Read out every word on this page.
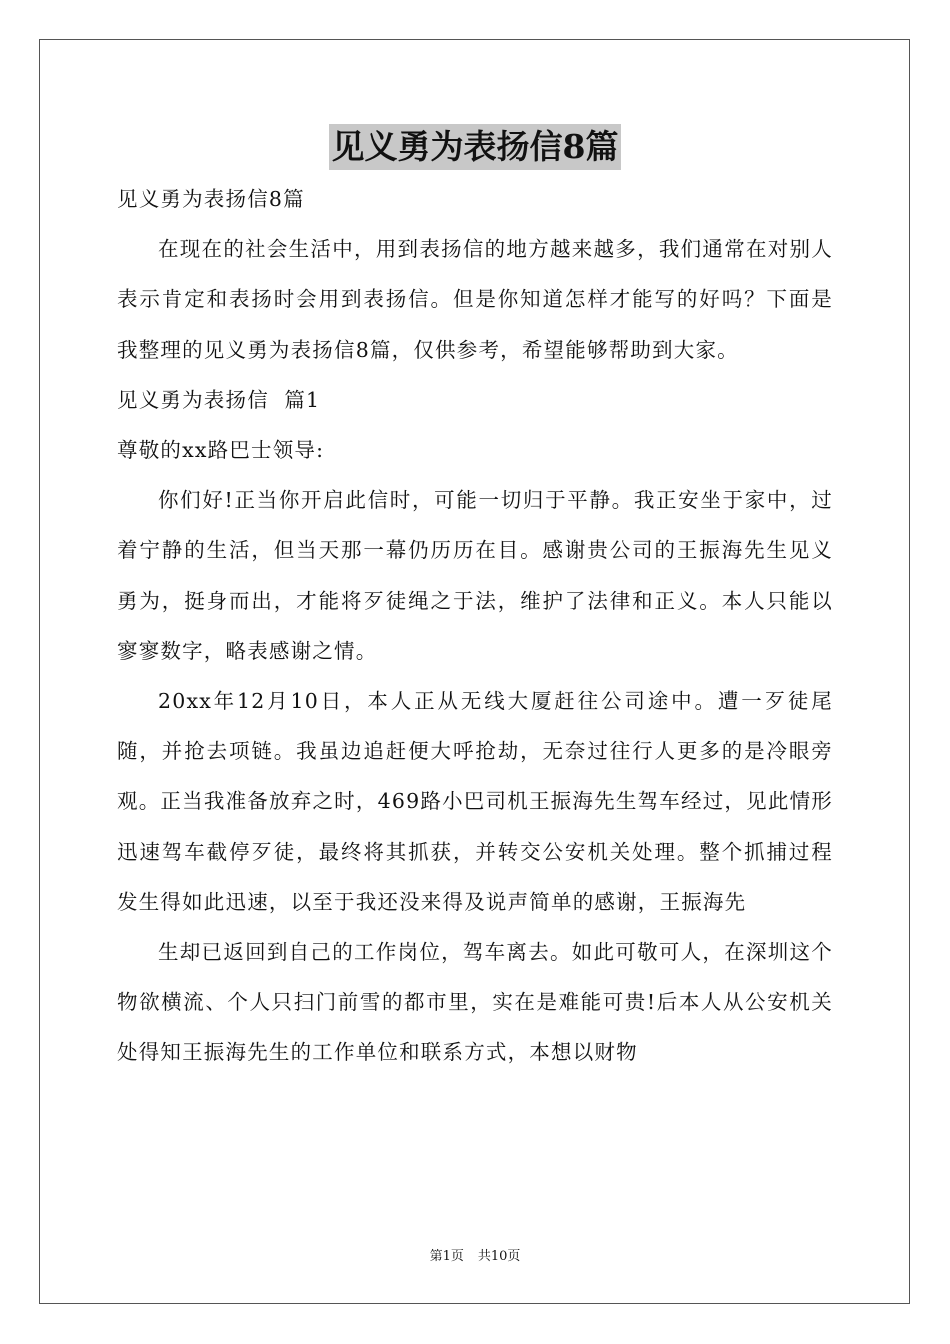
见义勇为表扬信8篇

见义勇为表扬信8篇

在现在的社会生活中，用到表扬信的地方越来越多，我们通常在对别人表示肯定和表扬时会用到表扬信。但是你知道怎样才能写的好吗？下面是我整理的见义勇为表扬信8篇，仅供参考，希望能够帮助到大家。

见义勇为表扬信  篇1

尊敬的xx路巴士领导:

你们好!正当你开启此信时，可能一切归于平静。我正安坐于家中，过着宁静的生活，但当天那一幕仍历历在目。感谢贵公司的王振海先生见义勇为，挺身而出，才能将歹徒绳之于法，维护了法律和正义。本人只能以寥寥数字，略表感谢之情。

20xx年12月10日，本人正从无线大厦赶往公司途中。遭一歹徒尾随，并抢去项链。我虽边追赶便大呼抢劫，无奈过往行人更多的是冷眼旁观。正当我准备放弃之时，469路小巴司机王振海先生驾车经过，见此情形迅速驾车截停歹徒，最终将其抓获，并转交公安机关处理。整个抓捕过程发生得如此迅速，以至于我还没来得及说声简单的感谢，王振海先

生却已返回到自己的工作岗位，驾车离去。如此可敬可人，在深圳这个物欲横流、个人只扫门前雪的都市里，实在是难能可贵!后本人从公安机关处得知王振海先生的工作单位和联系方式，本想以财物

第1页 共10页
